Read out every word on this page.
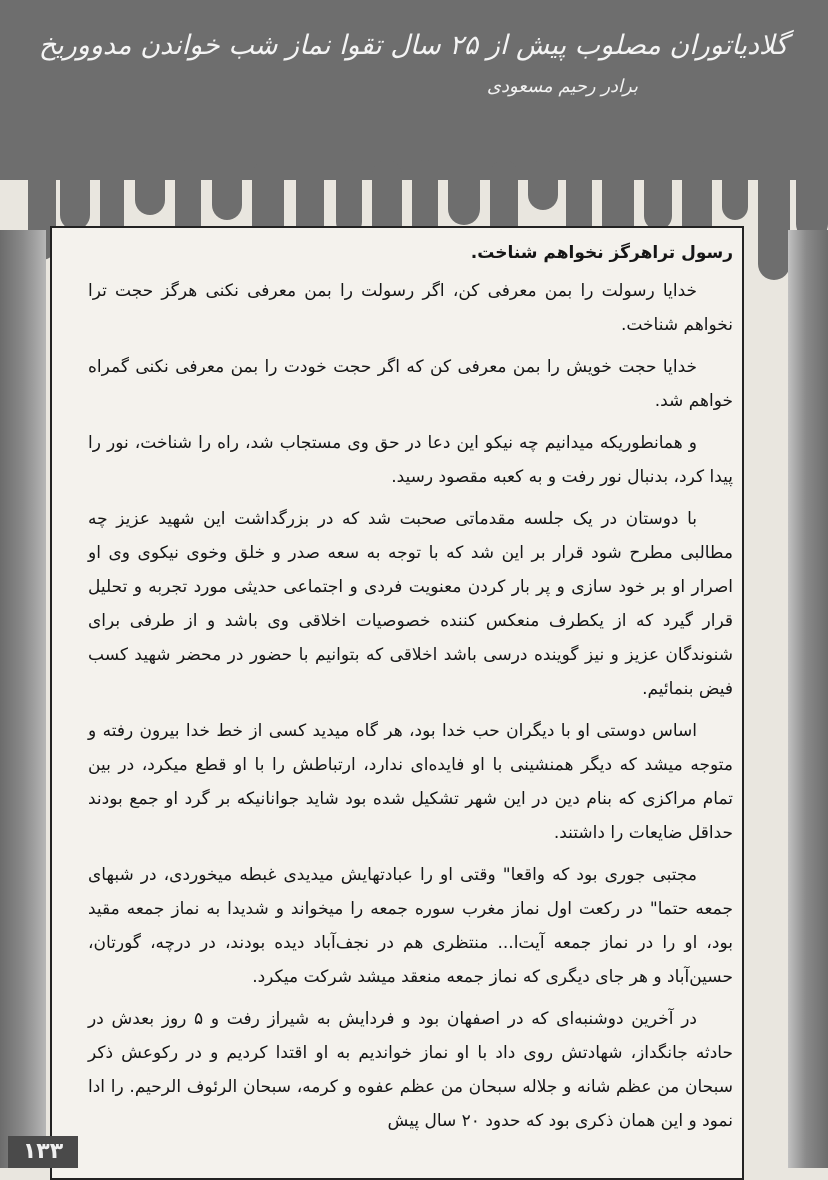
گلادیاتوران مصلوب پیش از ۲۵ سال تقوا نماز شب خواندن مدووریخ
برادر رحیم مسعودی

رسول تراهرگز نخواهم شناخت.

خدایا رسولت را بمن معرفی کن، اگر رسولت را بمن معرفی نکنی هرگز حجت ترا نخواهم شناخت.

خدایا حجت خویش را بمن معرفی کن که اگر حجت خودت را بمن معرفی نکنی گمراه خواهم شد.

و همانطوریکه میدانیم چه نیکو این دعا در حق وی مستجاب شد، راه را شناخت، نور را پیدا کرد، بدنبال نور رفت و به کعبه مقصود رسید.

با دوستان در یک جلسه مقدماتی صحبت شد که در بزرگداشت این شهید عزیز چه مطالبی مطرح شود قرار بر این شد که با توجه به سعه صدر و خلق وخوی نیکوی وی او اصرار او بر خود سازی و پر بار کردن معنویت فردی و اجتماعی حدیثی مورد تجربه و تحلیل قرار گیرد که از یکطرف منعکس کننده خصوصیات اخلاقی وی باشد و از طرفی برای شنوندگان عزیز و نیز گوینده درسی باشد اخلاقی که بتوانیم با حضور در محضر شهید کسب فیض بنمائیم.

اساس دوستی او با دیگران حب خدا بود، هر گاه میدید کسی از خط خدا بیرون رفته و متوجه میشد که دیگر همنشینی با او فایده‌ای ندارد، ارتباطش را با او قطع میکرد، در بین تمام مراکزی که بنام دین در این شهر تشکیل شده بود شاید جوانانیکه بر گرد او جمع بودند حداقل ضایعات را داشتند.

مجتبی جوری بود که واقعا" وقتی او را عبادتهایش میدیدی غبطه میخوردی، در شبهای جمعه حتما" در رکعت اول نماز مغرب سوره جمعه را میخواند و شدیدا به نماز جمعه مقید بود، او را در نماز جمعه آیت‌ا... منتظری هم در نجف‌آباد دیده بودند، در درچه، گورتان، حسین‌آباد و هر جای دیگری که نماز جمعه منعقد میشد شرکت میکرد.

در آخرین دوشنبه‌ای که در اصفهان بود و فردایش به شیراز رفت و ۵ روز بعدش در حادثه جانگداز، شهادتش روی داد با او نماز خواندیم به او اقتدا کردیم و در رکوعش ذکر سبحان من عظم شانه و جلاله سبحان من عظم عفوه و کرمه، سبحان الرئوف الرحیم. را ادا نمود و این همان ذکری بود که حدود ۲۰ سال پیش

۱۳۳
